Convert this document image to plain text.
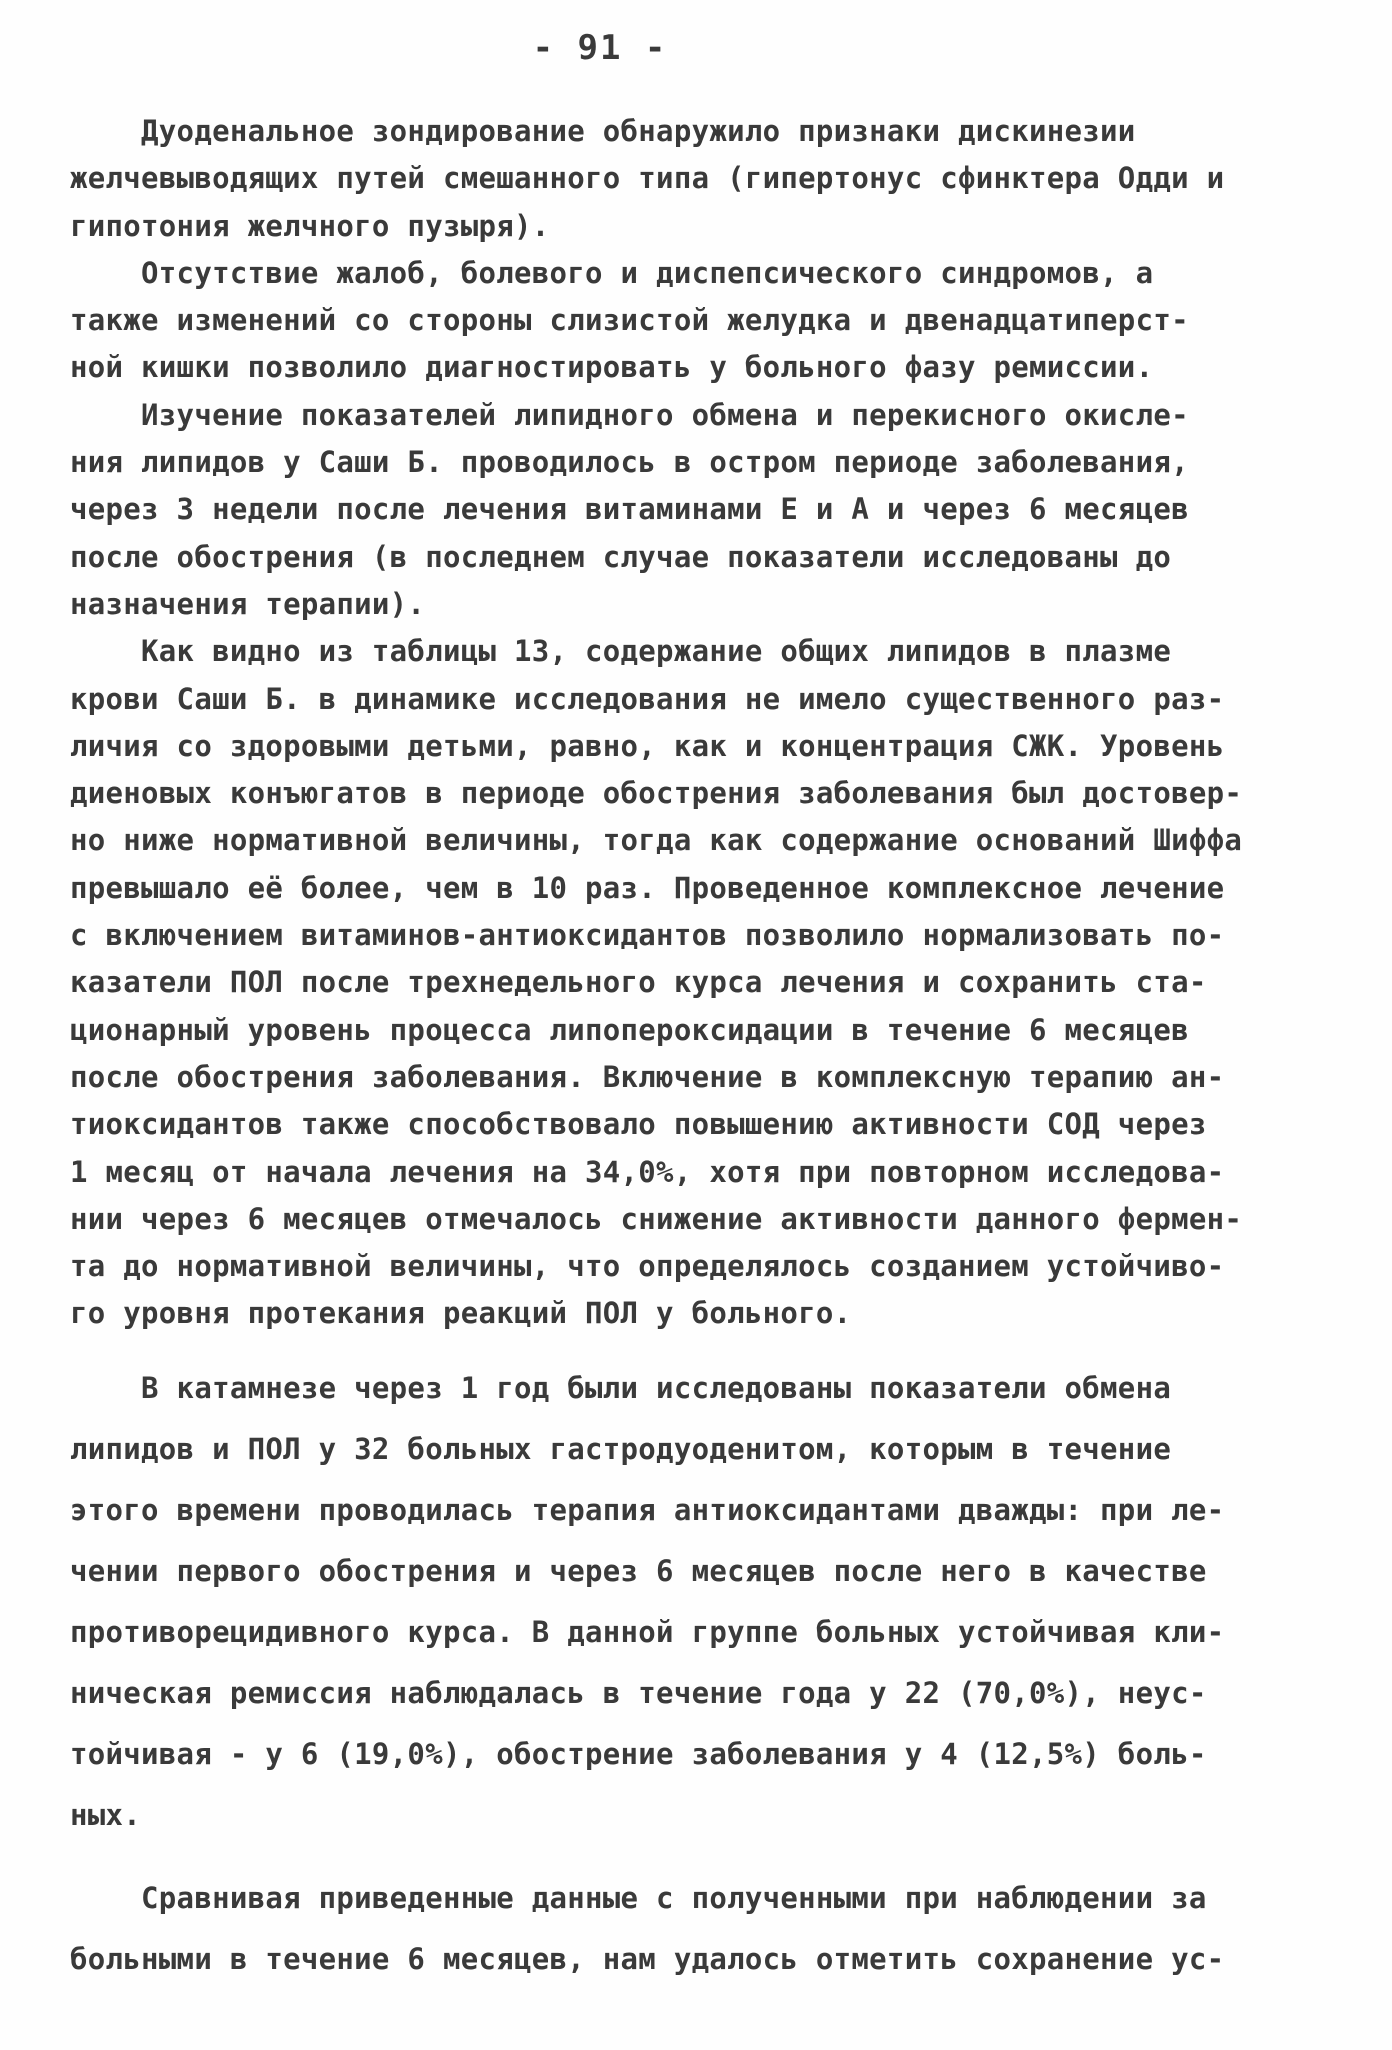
- 91 -
Дуоденальное зондирование обнаружило признаки дискинезии
желчевыводящих путей смешанного типа (гипертонус сфинктера Одди и
гипотония желчного пузыря).
Отсутствие жалоб, болевого и диспепсического синдромов, а
также изменений со стороны слизистой желудка и двенадцатиперст-
ной кишки позволило диагностировать у больного фазу ремиссии.
Изучение показателей липидного обмена и перекисного окисле-
ния липидов у Саши Б. проводилось в остром периоде заболевания,
через 3 недели после лечения витаминами Е и А и через 6 месяцев
после обострения (в последнем случае показатели исследованы до
назначения терапии).
Как видно из таблицы 13, содержание общих липидов в плазме
крови Саши Б. в динамике исследования не имело существенного раз-
личия со здоровыми детьми, равно, как и концентрация СЖК. Уровень
диеновых конъюгатов в периоде обострения заболевания был достовер-
но ниже нормативной величины, тогда как содержание оснований Шиффа
превышало её более, чем в 10 раз. Проведенное комплексное лечение
с включением витаминов-антиоксидантов позволило нормализовать по-
казатели ПОЛ после трехнедельного курса лечения и сохранить ста-
ционарный уровень процесса липопероксидации в течение 6 месяцев
после обострения заболевания. Включение в комплексную терапию ан-
тиоксидантов также способствовало повышению активности СОД через
1 месяц от начала лечения на 34,0%, хотя при повторном исследова-
нии через 6 месяцев отмечалось снижение активности данного фермен-
та до нормативной величины, что определялось созданием устойчиво-
го уровня протекания реакций ПОЛ у больного.
В катамнезе через 1 год были исследованы показатели обмена
липидов и ПОЛ у 32 больных гастродуоденитом, которым в течение
этого времени проводилась терапия антиоксидантами дважды: при ле-
чении первого обострения и через 6 месяцев после него в качестве
противорецидивного курса. В данной группе больных устойчивая кли-
ническая ремиссия наблюдалась в течение года у 22 (70,0%), неус-
тойчивая - у 6 (19,0%), обострение заболевания у 4 (12,5%) боль-
ных.
Сравнивая приведенные данные с полученными при наблюдении за
больными в течение 6 месяцев, нам удалось отметить сохранение ус-
